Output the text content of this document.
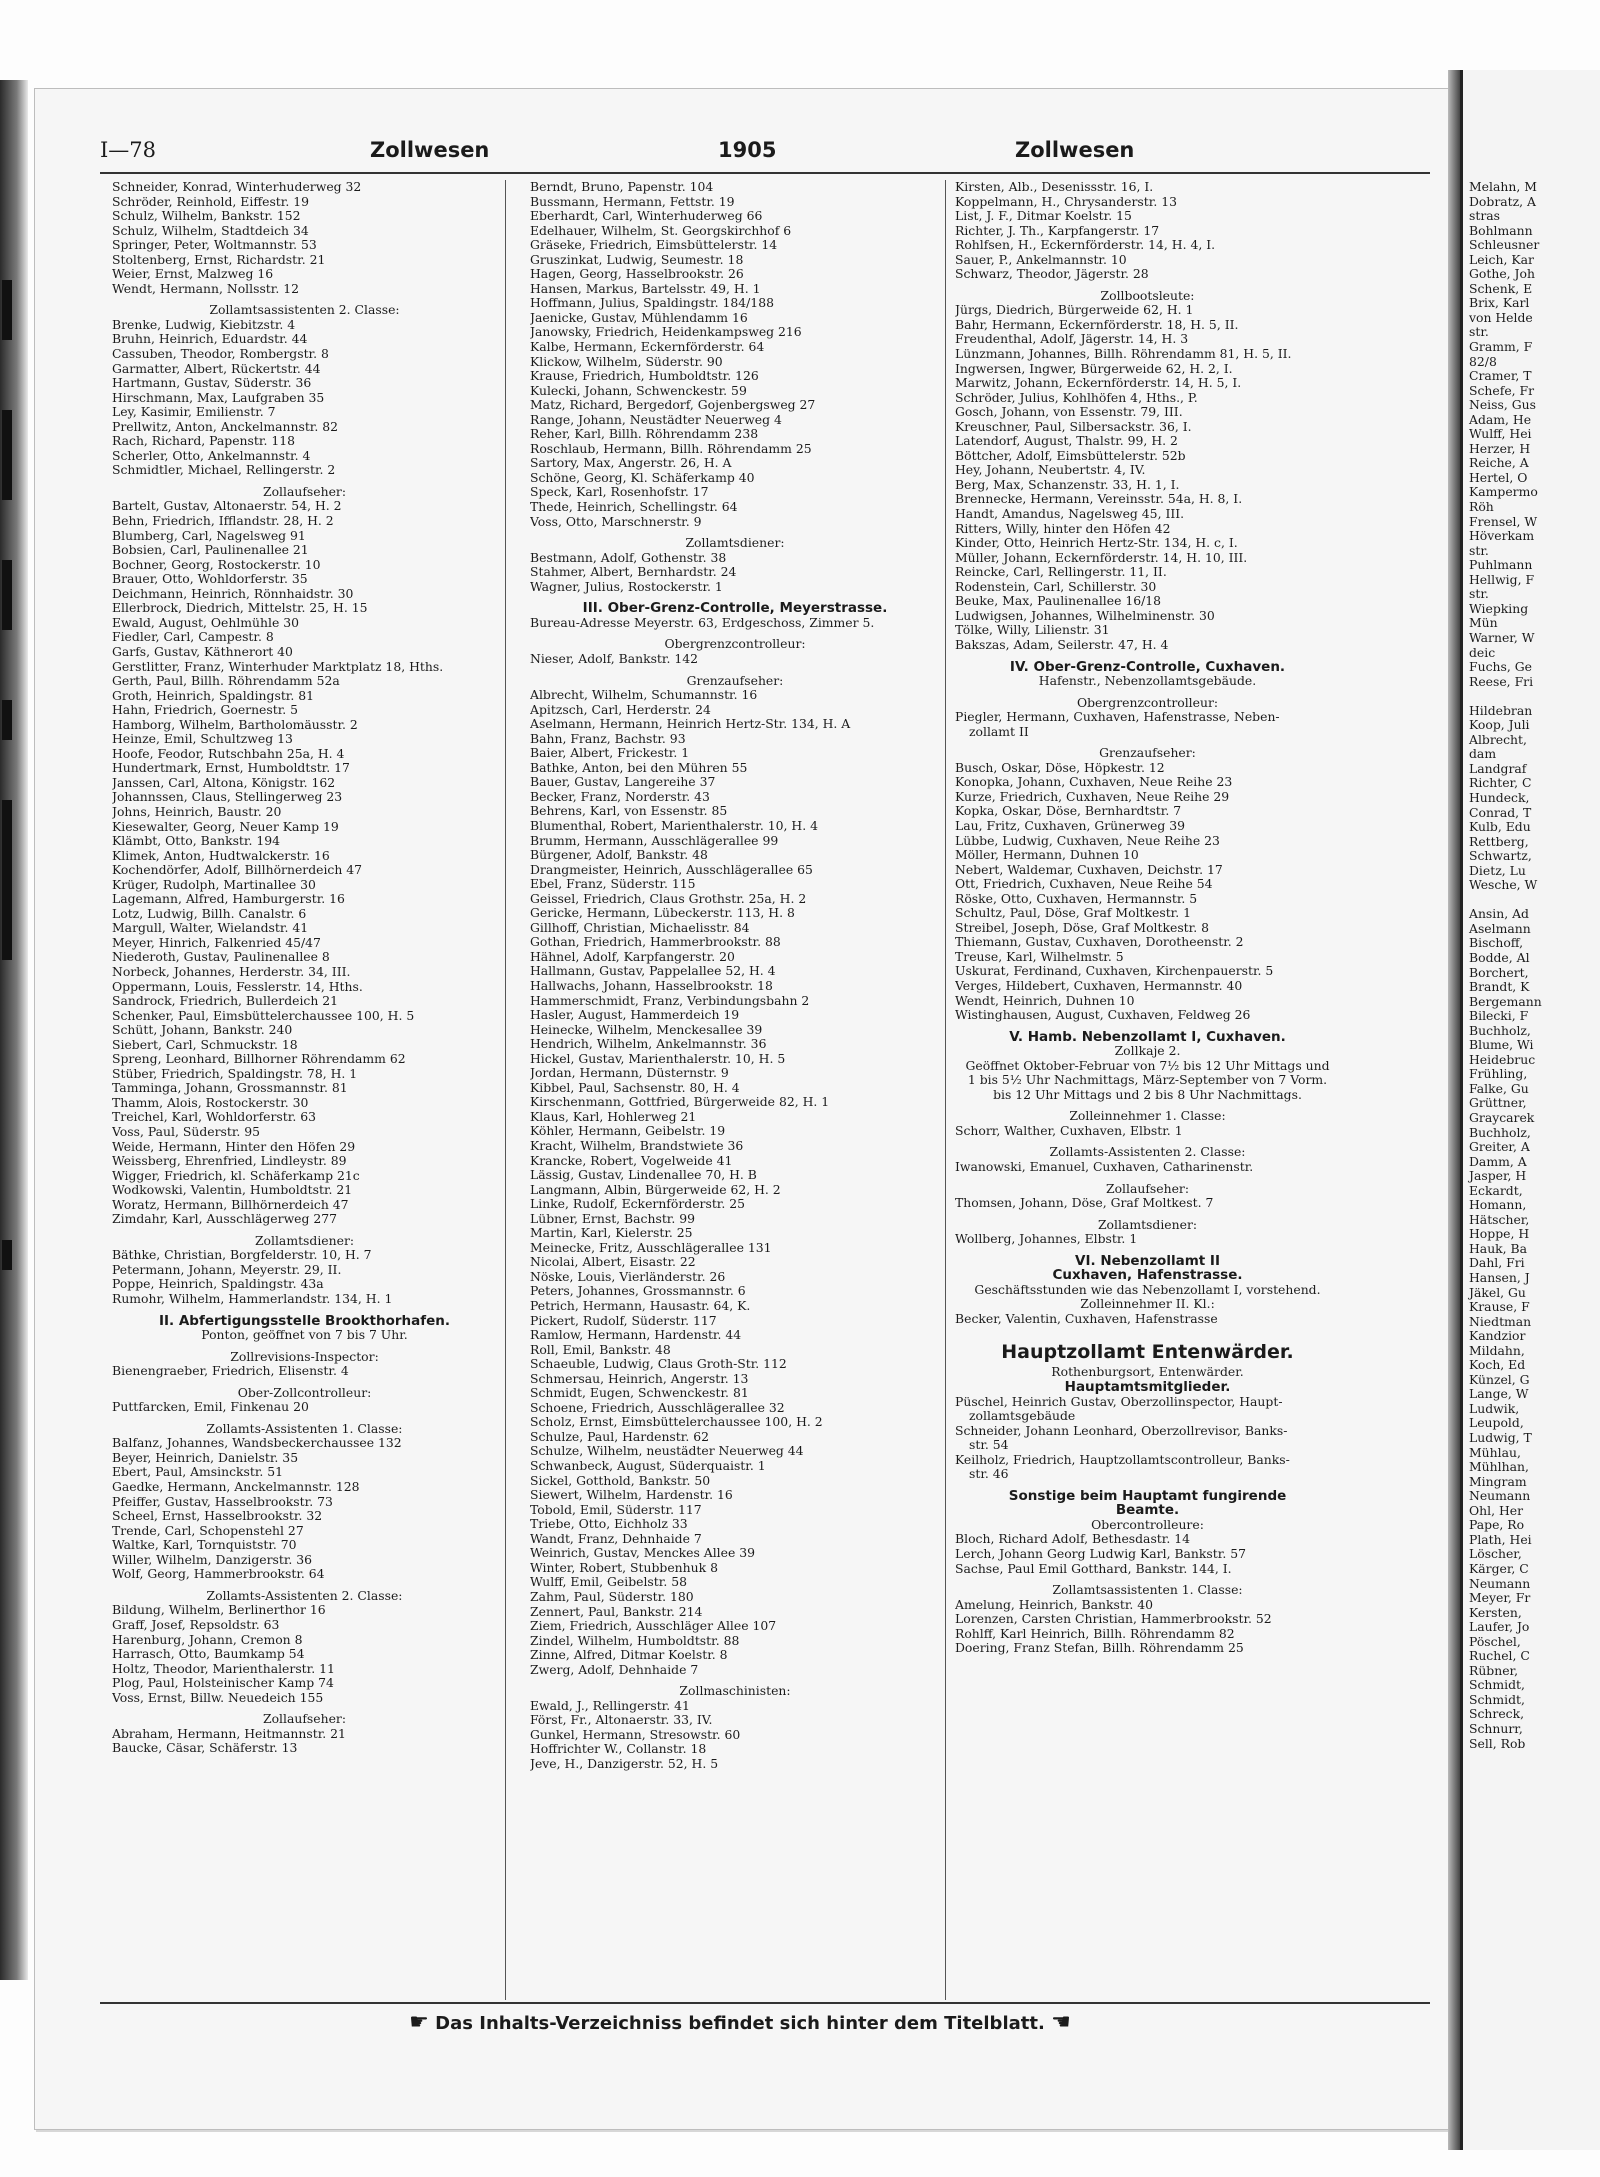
Melahn, M
Dobratz, A
stras
Bohlmann
Schleusner
Leich, Kar
Gothe, Joh
Schenk, E
Brix, Karl
von Helde
str.
Gramm, F
82/8
Cramer, T
Schefe, Fr
Neiss, Gus
Adam, He
Wulff, Hei
Herzer, H
Reiche, A
Hertel, O
Kampermo
Röh
Frensel, W
Höverkam
str.
Puhlmann
Hellwig, F
str.
Wiepking
Mün
Warner, W
deic
Fuchs, Ge
Reese, Fri
Hildebran
Koop, Juli
Albrecht,
dam
Landgraf
Richter, C
Hundeck,
Conrad, T
Kulb, Edu
Rettberg,
Schwartz,
Dietz, Lu
Wesche, W
Ansin, Ad
Aselmann
Bischoff,
Bodde, Al
Borchert,
Brandt, K
Bergemann
Bilecki, F
Buchholz,
Blume, Wi
Heidebruc
Frühling,
Falke, Gu
Grüttner,
Graycarek
Buchholz,
Greiter, A
Damm, A
Jasper, H
Eckardt,
Homann,
Hätscher,
Hoppe, H
Hauk, Ba
Dahl, Fri
Hansen, J
Jäkel, Gu
Krause, F
Niedtman
Kandzior
Mildahn,
Koch, Ed
Künzel, G
Lange, W
Ludwik,
Leupold,
Ludwig, T
Mühlau,
Mühlhan,
Mingram
Neumann
Ohl, Her
Pape, Ro
Plath, Hei
Löscher,
Kärger, C
Neumann
Meyer, Fr
Kersten,
Laufer, Jo
Pöschel,
Ruchel, C
Rübner,
Schmidt,
Schmidt,
Schreck,
Schnurr,
Sell, Rob
I—78	Zollwesen	1905	Zollwesen
Schneider, Konrad, Winterhuderweg 32
Schröder, Reinhold, Eiffestr. 19
Schulz, Wilhelm, Bankstr. 152
Schulz, Wilhelm, Stadtdeich 34
Springer, Peter, Woltmannstr. 53
Stoltenberg, Ernst, Richardstr. 21
Weier, Ernst, Malzweg 16
Wendt, Hermann, Nollsstr. 12
Zollamtsassistenten 2. Classe:
Brenke, Ludwig, Kiebitzstr. 4
Bruhn, Heinrich, Eduardstr. 44
Cassuben, Theodor, Rombergstr. 8
Garmatter, Albert, Rückertstr. 44
Hartmann, Gustav, Süderstr. 36
Hirschmann, Max, Laufgraben 35
Ley, Kasimir, Emilienstr. 7
Prellwitz, Anton, Anckelmannstr. 82
Rach, Richard, Papenstr. 118
Scherler, Otto, Ankelmannstr. 4
Schmidtler, Michael, Rellingerstr. 2
Zollaufseher:
Bartelt, Gustav, Altonaerstr. 54, H. 2
Behn, Friedrich, Ifflandstr. 28, H. 2
Blumberg, Carl, Nagelsweg 91
Bobsien, Carl, Paulinenallee 21
Bochner, Georg, Rostockerstr. 10
Brauer, Otto, Wohldorferstr. 35
Deichmann, Heinrich, Rönnhaidstr. 30
Ellerbrock, Diedrich, Mittelstr. 25, H. 15
Ewald, August, Oehlmühle 30
Fiedler, Carl, Campestr. 8
Garfs, Gustav, Käthnerort 40
Gerstlitter, Franz, Winterhuder Marktplatz 18, Hths.
Gerth, Paul, Billh. Röhrendamm 52a
Groth, Heinrich, Spaldingstr. 81
Hahn, Friedrich, Goernestr. 5
Hamborg, Wilhelm, Bartholomäusstr. 2
Heinze, Emil, Schultzweg 13
Hoofe, Feodor, Rutschbahn 25a, H. 4
Hundertmark, Ernst, Humboldtstr. 17
Janssen, Carl, Altona, Königstr. 162
Johannssen, Claus, Stellingerweg 23
Johns, Heinrich, Baustr. 20
Kiesewalter, Georg, Neuer Kamp 19
Klämbt, Otto, Bankstr. 194
Klimek, Anton, Hudtwalckerstr. 16
Kochendörfer, Adolf, Billhörnerdeich 47
Krüger, Rudolph, Martinallee 30
Lagemann, Alfred, Hamburgerstr. 16
Lotz, Ludwig, Billh. Canalstr. 6
Margull, Walter, Wielandstr. 41
Meyer, Hinrich, Falkenried 45/47
Niederoth, Gustav, Paulinenallee 8
Norbeck, Johannes, Herderstr. 34, III.
Oppermann, Louis, Fesslerstr. 14, Hths.
Sandrock, Friedrich, Bullerdeich 21
Schenker, Paul, Eimsbüttelerchaussee 100, H. 5
Schütt, Johann, Bankstr. 240
Siebert, Carl, Schmuckstr. 18
Spreng, Leonhard, Billhorner Röhrendamm 62
Stüber, Friedrich, Spaldingstr. 78, H. 1
Tamminga, Johann, Grossmannstr. 81
Thamm, Alois, Rostockerstr. 30
Treichel, Karl, Wohldorferstr. 63
Voss, Paul, Süderstr. 95
Weide, Hermann, Hinter den Höfen 29
Weissberg, Ehrenfried, Lindleystr. 89
Wigger, Friedrich, kl. Schäferkamp 21c
Wodkowski, Valentin, Humboldtstr. 21
Woratz, Hermann, Billhörnerdeich 47
Zimdahr, Karl, Ausschlägerweg 277
Zollamtsdiener:
Bäthke, Christian, Borgfelderstr. 10, H. 7
Petermann, Johann, Meyerstr. 29, II.
Poppe, Heinrich, Spaldingstr. 43a
Rumohr, Wilhelm, Hammerlandstr. 134, H. 1
II. Abfertigungsstelle Brookthorhafen.
Ponton, geöffnet von 7 bis 7 Uhr.
Zollrevisions-Inspector:
Bienengraeber, Friedrich, Elisenstr. 4
Ober-Zollcontrolleur:
Puttfarcken, Emil, Finkenau 20
Zollamts-Assistenten 1. Classe:
Balfanz, Johannes, Wandsbeckerchaussee 132
Beyer, Heinrich, Danielstr. 35
Ebert, Paul, Amsinckstr. 51
Gaedke, Hermann, Anckelmannstr. 128
Pfeiffer, Gustav, Hasselbrookstr. 73
Scheel, Ernst, Hasselbrookstr. 32
Trende, Carl, Schopenstehl 27
Waltke, Karl, Tornquiststr. 70
Willer, Wilhelm, Danzigerstr. 36
Wolf, Georg, Hammerbrookstr. 64
Zollamts-Assistenten 2. Classe:
Bildung, Wilhelm, Berlinerthor 16
Graff, Josef, Repsoldstr. 63
Harenburg, Johann, Cremon 8
Harrasch, Otto, Baumkamp 54
Holtz, Theodor, Marienthalerstr. 11
Plog, Paul, Holsteinischer Kamp 74
Voss, Ernst, Billw. Neuedeich 155
Zollaufseher:
Abraham, Hermann, Heitmannstr. 21
Baucke, Cäsar, Schäferstr. 13
Berndt, Bruno, Papenstr. 104
Bussmann, Hermann, Fettstr. 19
Eberhardt, Carl, Winterhuderweg 66
Edelhauer, Wilhelm, St. Georgskirchhof 6
Gräseke, Friedrich, Eimsbüttelerstr. 14
Gruszinkat, Ludwig, Seumestr. 18
Hagen, Georg, Hasselbrookstr. 26
Hansen, Markus, Bartelsstr. 49, H. 1
Hoffmann, Julius, Spaldingstr. 184/188
Jaenicke, Gustav, Mühlendamm 16
Janowsky, Friedrich, Heidenkampsweg 216
Kalbe, Hermann, Eckernförderstr. 64
Klickow, Wilhelm, Süderstr. 90
Krause, Friedrich, Humboldtstr. 126
Kulecki, Johann, Schwenckestr. 59
Matz, Richard, Bergedorf, Gojenbergsweg 27
Range, Johann, Neustädter Neuerweg 4
Reher, Karl, Billh. Röhrendamm 238
Roschlaub, Hermann, Billh. Röhrendamm 25
Sartory, Max, Angerstr. 26, H. A
Schöne, Georg, Kl. Schäferkamp 40
Speck, Karl, Rosenhofstr. 17
Thede, Heinrich, Schellingstr. 64
Voss, Otto, Marschnerstr. 9
Zollamtsdiener:
Bestmann, Adolf, Gothenstr. 38
Stahmer, Albert, Bernhardstr. 24
Wagner, Julius, Rostockerstr. 1
III. Ober-Grenz-Controlle, Meyerstrasse.
Bureau-Adresse Meyerstr. 63, Erdgeschoss, Zimmer 5.
Obergrenzcontrolleur:
Nieser, Adolf, Bankstr. 142
Grenzaufseher:
Albrecht, Wilhelm, Schumannstr. 16
Apitzsch, Carl, Herderstr. 24
Aselmann, Hermann, Heinrich Hertz-Str. 134, H. A
Bahn, Franz, Bachstr. 93
Baier, Albert, Frickestr. 1
Bathke, Anton, bei den Mühren 55
Bauer, Gustav, Langereihe 37
Becker, Franz, Norderstr. 43
Behrens, Karl, von Essenstr. 85
Blumenthal, Robert, Marienthalerstr. 10, H. 4
Brumm, Hermann, Ausschlägerallee 99
Bürgener, Adolf, Bankstr. 48
Drangmeister, Heinrich, Ausschlägerallee 65
Ebel, Franz, Süderstr. 115
Geissel, Friedrich, Claus Grothstr. 25a, H. 2
Gericke, Hermann, Lübeckerstr. 113, H. 8
Gillhoff, Christian, Michaelisstr. 84
Gothan, Friedrich, Hammerbrookstr. 88
Hähnel, Adolf, Karpfangerstr. 20
Hallmann, Gustav, Pappelallee 52, H. 4
Hallwachs, Johann, Hasselbrookstr. 18
Hammerschmidt, Franz, Verbindungsbahn 2
Hasler, August, Hammerdeich 19
Heinecke, Wilhelm, Menckesallee 39
Hendrich, Wilhelm, Ankelmannstr. 36
Hickel, Gustav, Marienthalerstr. 10, H. 5
Jordan, Hermann, Düsternstr. 9
Kibbel, Paul, Sachsenstr. 80, H. 4
Kirschenmann, Gottfried, Bürgerweide 82, H. 1
Klaus, Karl, Hohlerweg 21
Köhler, Hermann, Geibelstr. 19
Kracht, Wilhelm, Brandstwiete 36
Krancke, Robert, Vogelweide 41
Lässig, Gustav, Lindenallee 70, H. B
Langmann, Albin, Bürgerweide 62, H. 2
Linke, Rudolf, Eckernförderstr. 25
Lübner, Ernst, Bachstr. 99
Martin, Karl, Kielerstr. 25
Meinecke, Fritz, Ausschlägerallee 131
Nicolai, Albert, Eisastr. 22
Nöske, Louis, Vierländerstr. 26
Peters, Johannes, Grossmannstr. 6
Petrich, Hermann, Hausastr. 64, K.
Pickert, Rudolf, Süderstr. 117
Ramlow, Hermann, Hardenstr. 44
Roll, Emil, Bankstr. 48
Schaeuble, Ludwig, Claus Groth-Str. 112
Schmersau, Heinrich, Angerstr. 13
Schmidt, Eugen, Schwenckestr. 81
Schoene, Friedrich, Ausschlägerallee 32
Scholz, Ernst, Eimsbüttelerchaussee 100, H. 2
Schulze, Paul, Hardenstr. 62
Schulze, Wilhelm, neustädter Neuerweg 44
Schwanbeck, August, Süderquaistr. 1
Sickel, Gotthold, Bankstr. 50
Siewert, Wilhelm, Hardenstr. 16
Tobold, Emil, Süderstr. 117
Triebe, Otto, Eichholz 33
Wandt, Franz, Dehnhaide 7
Weinrich, Gustav, Menckes Allee 39
Winter, Robert, Stubbenhuk 8
Wulff, Emil, Geibelstr. 58
Zahm, Paul, Süderstr. 180
Zennert, Paul, Bankstr. 214
Ziem, Friedrich, Ausschläger Allee 107
Zindel, Wilhelm, Humboldtstr. 88
Zinne, Alfred, Ditmar Koelstr. 8
Zwerg, Adolf, Dehnhaide 7
Zollmaschinisten:
Ewald, J., Rellingerstr. 41
Först, Fr., Altonaerstr. 33, IV.
Gunkel, Hermann, Stresowstr. 60
Hoffrichter W., Collanstr. 18
Jeve, H., Danzigerstr. 52, H. 5
Kirsten, Alb., Desenissstr. 16, I.
Koppelmann, H., Chrysanderstr. 13
List, J. F., Ditmar Koelstr. 15
Richter, J. Th., Karpfangerstr. 17
Rohlfsen, H., Eckernförderstr. 14, H. 4, I.
Sauer, P., Ankelmannstr. 10
Schwarz, Theodor, Jägerstr. 28
Zollbootsleute:
Jürgs, Diedrich, Bürgerweide 62, H. 1
Bahr, Hermann, Eckernförderstr. 18, H. 5, II.
Freudenthal, Adolf, Jägerstr. 14, H. 3
Lünzmann, Johannes, Billh. Röhrendamm 81, H. 5, II.
Ingwersen, Ingwer, Bürgerweide 62, H. 2, I.
Marwitz, Johann, Eckernförderstr. 14, H. 5, I.
Schröder, Julius, Kohlhöfen 4, Hths., P.
Gosch, Johann, von Essenstr. 79, III.
Kreuschner, Paul, Silbersackstr. 36, I.
Latendorf, August, Thalstr. 99, H. 2
Böttcher, Adolf, Eimsbüttelerstr. 52b
Hey, Johann, Neubertstr. 4, IV.
Berg, Max, Schanzenstr. 33, H. 1, I.
Brennecke, Hermann, Vereinsstr. 54a, H. 8, I.
Handt, Amandus, Nagelsweg 45, III.
Ritters, Willy, hinter den Höfen 42
Kinder, Otto, Heinrich Hertz-Str. 134, H. c, I.
Müller, Johann, Eckernförderstr. 14, H. 10, III.
Reincke, Carl, Rellingerstr. 11, II.
Rodenstein, Carl, Schillerstr. 30
Beuke, Max, Paulinenallee 16/18
Ludwigsen, Johannes, Wilhelminenstr. 30
Tölke, Willy, Lilienstr. 31
Bakszas, Adam, Seilerstr. 47, H. 4
IV. Ober-Grenz-Controlle, Cuxhaven.
Hafenstr., Nebenzollamtsgebäude.
Obergrenzcontrolleur:
Piegler, Hermann, Cuxhaven, Hafenstrasse, Neben-
zollamt II
Grenzaufseher:
Busch, Oskar, Döse, Höpkestr. 12
Konopka, Johann, Cuxhaven, Neue Reihe 23
Kurze, Friedrich, Cuxhaven, Neue Reihe 29
Kopka, Oskar, Döse, Bernhardtstr. 7
Lau, Fritz, Cuxhaven, Grünerweg 39
Lübbe, Ludwig, Cuxhaven, Neue Reihe 23
Möller, Hermann, Duhnen 10
Nebert, Waldemar, Cuxhaven, Deichstr. 17
Ott, Friedrich, Cuxhaven, Neue Reihe 54
Röske, Otto, Cuxhaven, Hermannstr. 5
Schultz, Paul, Döse, Graf Moltkestr. 1
Streibel, Joseph, Döse, Graf Moltkestr. 8
Thiemann, Gustav, Cuxhaven, Dorotheenstr. 2
Treuse, Karl, Wilhelmstr. 5
Uskurat, Ferdinand, Cuxhaven, Kirchenpauerstr. 5
Verges, Hildebert, Cuxhaven, Hermannstr. 40
Wendt, Heinrich, Duhnen 10
Wistinghausen, August, Cuxhaven, Feldweg 26
V. Hamb. Nebenzollamt I, Cuxhaven.
Zollkaje 2.
Geöffnet Oktober-Februar von 7½ bis 12 Uhr Mittags und
1 bis 5½ Uhr Nachmittags, März-September von 7 Vorm.
bis 12 Uhr Mittags und 2 bis 8 Uhr Nachmittags.
Zolleinnehmer 1. Classe:
Schorr, Walther, Cuxhaven, Elbstr. 1
Zollamts-Assistenten 2. Classe:
Iwanowski, Emanuel, Cuxhaven, Catharinenstr.
Zollaufseher:
Thomsen, Johann, Döse, Graf Moltkest. 7
Zollamtsdiener:
Wollberg, Johannes, Elbstr. 1
VI. Nebenzollamt II
Cuxhaven, Hafenstrasse.
Geschäftsstunden wie das Nebenzollamt I, vorstehend.
Zolleinnehmer II. Kl.:
Becker, Valentin, Cuxhaven, Hafenstrasse
Hauptzollamt Entenwärder.
Rothenburgsort, Entenwärder.
Hauptamtsmitglieder.
Püschel, Heinrich Gustav, Oberzollinspector, Haupt-
zollamtsgebäude
Schneider, Johann Leonhard, Oberzollrevisor, Banks-
str. 54
Keilholz, Friedrich, Hauptzollamtscontrolleur, Banks-
str. 46
Sonstige beim Hauptamt fungirende
Beamte.
Obercontrolleure:
Bloch, Richard Adolf, Bethesdastr. 14
Lerch, Johann Georg Ludwig Karl, Bankstr. 57
Sachse, Paul Emil Gotthard, Bankstr. 144, I.
Zollamtsassistenten 1. Classe:
Amelung, Heinrich, Bankstr. 40
Lorenzen, Carsten Christian, Hammerbrookstr. 52
Rohlff, Karl Heinrich, Billh. Röhrendamm 82
Doering, Franz Stefan, Billh. Röhrendamm 25
☛ Das Inhalts-Verzeichniss befindet sich hinter dem Titelblatt. ☚
